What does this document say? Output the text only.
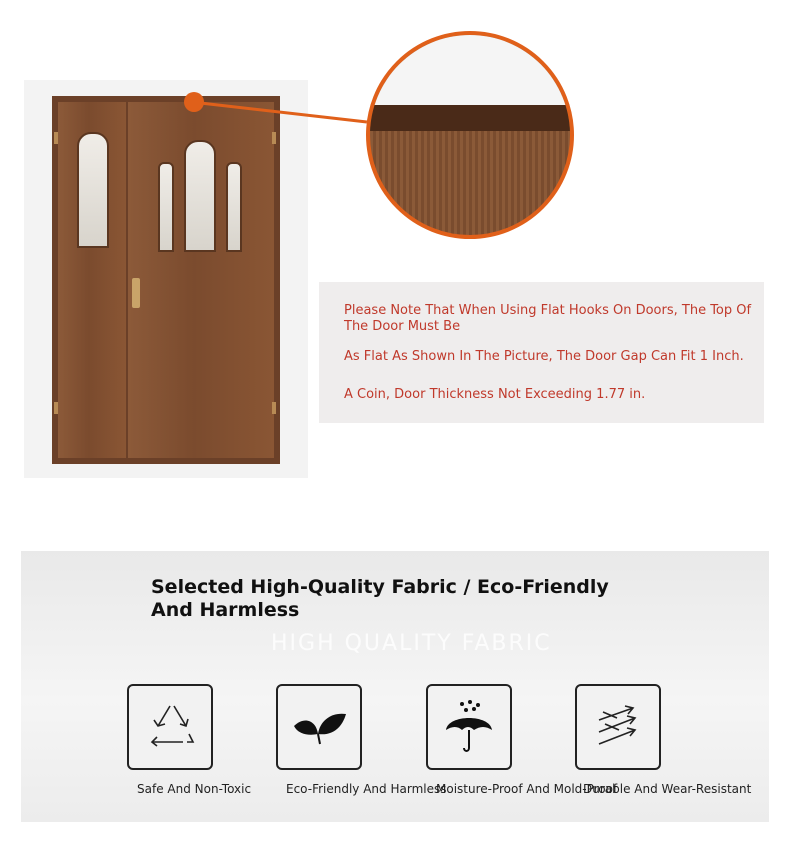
Please Note That When Using Flat Hooks On Doors, The Top Of The Door Must Be
As Flat As Shown In The Picture, The Door Gap Can Fit 1 Inch.
A Coin, Door Thickness Not Exceeding 1.77 in.
Selected High-Quality Fabric / Eco-Friendly And Harmless
HIGH QUALITY FABRIC
Safe And Non-Toxic	Eco-Friendly And Harmless
Moisture-Proof And Mold-Proof
Durable And Wear-Resistant
